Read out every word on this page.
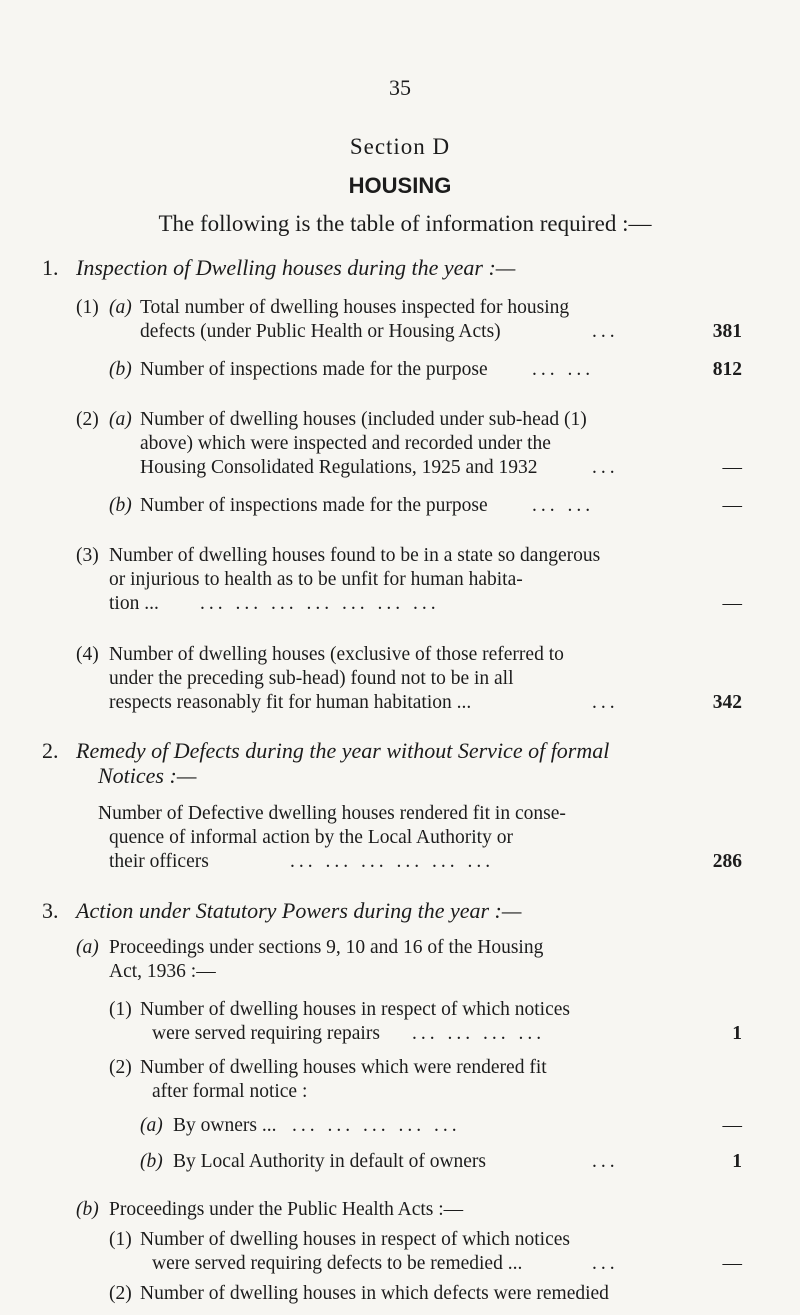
35
Section D
HOUSING
The following is the table of information required :—
1. Inspection of Dwelling houses during the year :—
(1) (a) Total number of dwelling houses inspected for housing
defects (under Public Health or Housing Acts)	...	381
(b) Number of inspections made for the purpose ... ...	812
(2) (a) Number of dwelling houses (included under sub-head (1)
above) which were inspected and recorded under the
Housing Consolidated Regulations, 1925 and 1932	...	—
(b) Number of inspections made for the purpose ... ...	—
(3) Number of dwelling houses found to be in a state so dangerous
or injurious to health as to be unfit for human habita-
tion ... ... ... ... ... ... ... ...	—
(4) Number of dwelling houses (exclusive of those referred to
under the preceding sub-head) found not to be in all
respects reasonably fit for human habitation ...	...	342
2. Remedy of Defects during the year without Service of formal
Notices :—
Number of Defective dwelling houses rendered fit in conse-
quence of informal action by the Local Authority or
their officers	... ... ... ... ... ...	286
3. Action under Statutory Powers during the year :—
(a) Proceedings under sections 9, 10 and 16 of the Housing
Act, 1936 :—
(1) Number of dwelling houses in respect of which notices
were served requiring repairs ... ... ... ...	1
(2) Number of dwelling houses which were rendered fit
after formal notice :
(a) By owners ... ... ... ... ... ...	—
(b) By Local Authority in default of owners	...	1
(b) Proceedings under the Public Health Acts :—
(1) Number of dwelling houses in respect of which notices
were served requiring defects to be remedied ...	...	—
(2) Number of dwelling houses in which defects were remedied
